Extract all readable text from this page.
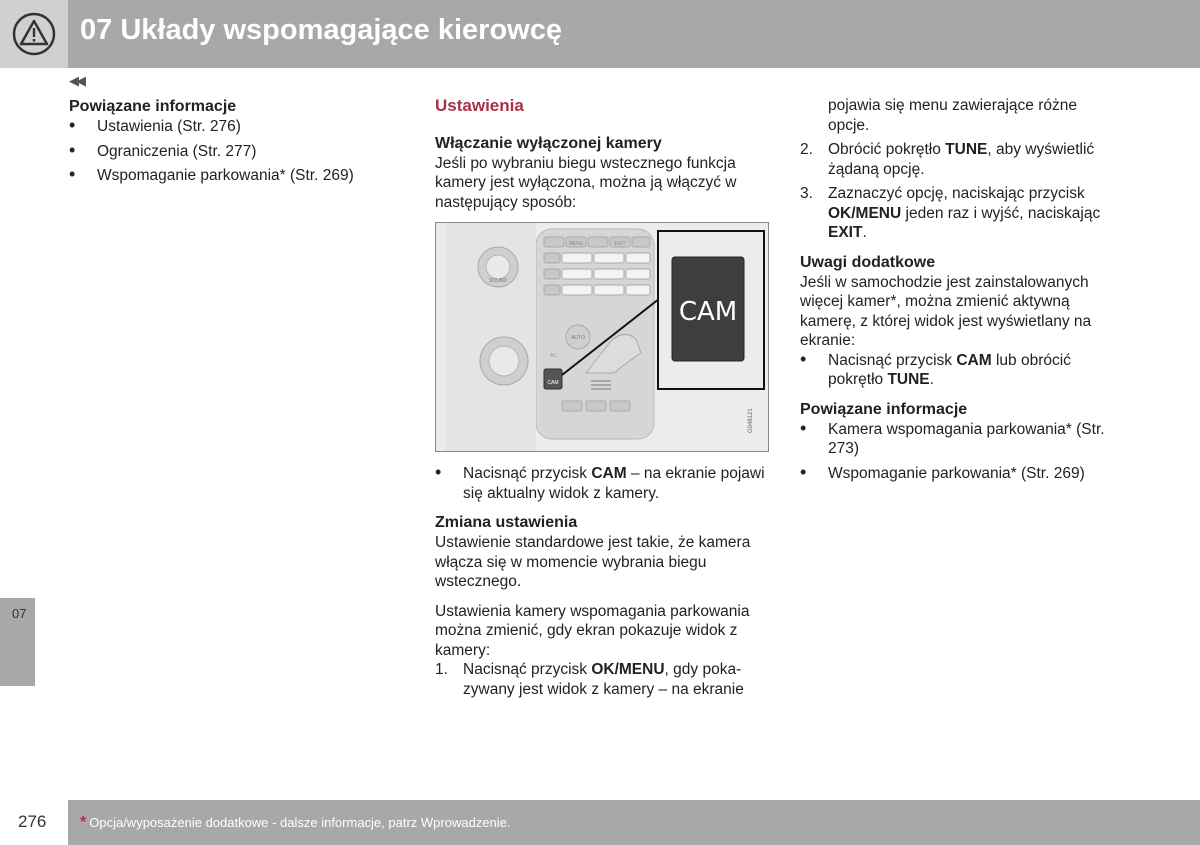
07 Układy wspomagające kierowcę
◀◀
07
276 * Opcja/wyposażenie dodatkowe - dalsze informacje, patrz Wprowadzenie.
Powiązane informacje
• Ustawienia (Str. 276)
• Ograniczenia (Str. 277)
• Wspomaganie parkowania* (Str. 269)
Ustawienia
Włączanie wyłączonej kamery

Jeśli po wybraniu biegu wstecznego funkcja kamery jest wyłączona, można ją włączyć w następujący sposób:

SOUND
MENU	EXIT
AUTO
AC
CAM
CAM
G048121
• Nacisnąć przycisk CAM – na ekranie pojawi się aktualny widok z kamery.
Zmiana ustawienia

Ustawienie standardowe jest takie, że kamera włącza się w momencie wybrania biegu wstecznego.

Ustawienia kamery wspomagania parkowania można zmienić, gdy ekran pokazuje widok z kamery:

1. Nacisnąć przycisk OK/MENU, gdy poka-zywany jest widok z kamery – na ekranie
pojawia się menu zawierające różne opcje.
2. Obrócić pokrętło TUNE, aby wyświetlić żądaną opcję.
3. Zaznaczyć opcję, naciskając przycisk OK/MENU jeden raz i wyjść, naciskając EXIT.
Uwagi dodatkowe

Jeśli w samochodzie jest zainstalowanych więcej kamer*, można zmienić aktywną kamerę, z której widok jest wyświetlany na ekranie:

• Nacisnąć przycisk CAM lub obrócić pokrętło TUNE.
Powiązane informacje
• Kamera wspomagania parkowania* (Str. 273)
• Wspomaganie parkowania* (Str. 269)
